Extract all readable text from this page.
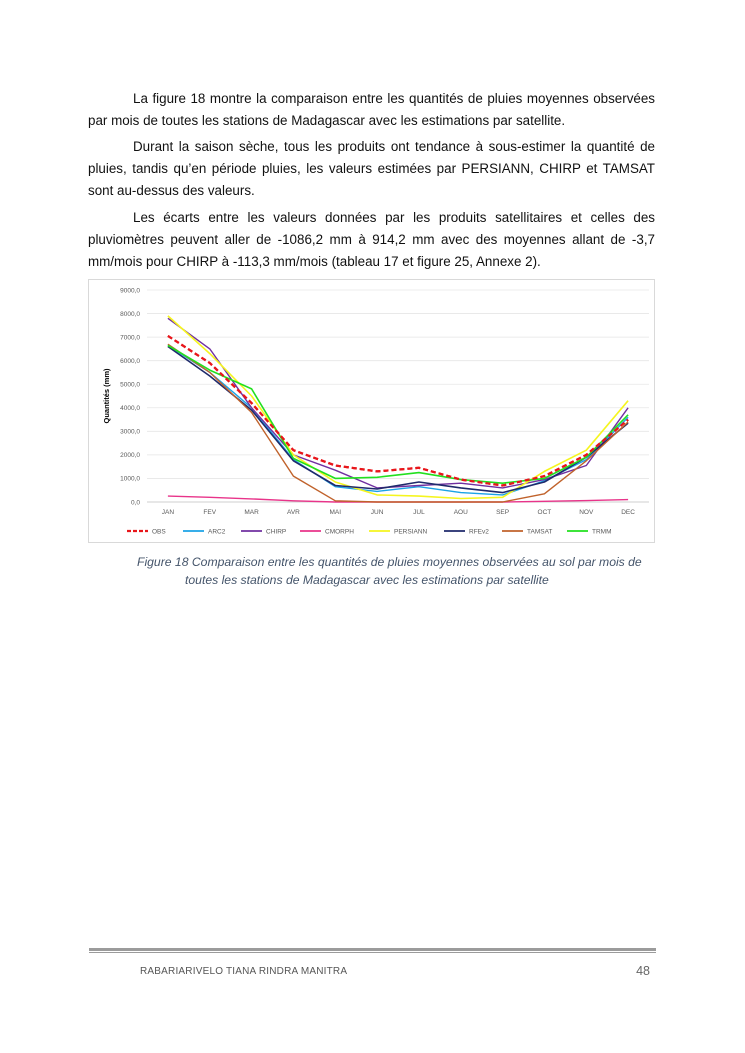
La figure 18 montre la comparaison entre les quantités de pluies moyennes observées par mois de toutes les stations de Madagascar avec les estimations par satellite.

Durant la saison sèche, tous les produits ont tendance à sous-estimer la quantité de pluies, tandis qu’en période pluies, les valeurs estimées par PERSIANN, CHIRP et TAMSAT sont au-dessus des valeurs.

Les écarts entre les valeurs données par les produits satellitaires et celles des pluviomètres peuvent aller de -1086,2 mm à 914,2 mm avec des moyennes allant de -3,7 mm/mois pour CHIRP à -113,3 mm/mois (tableau 17 et figure 25, Annexe 2).

0,0
1000,0
2000,0
3000,0
4000,0
5000,0
6000,0
7000,0
8000,0
9000,0
JAN	FEV	MAR	AVR	MAI	JUN	JUL	AOU	SEP	OCT	NOV	DEC
OBS	ARC2	CHIRP	CMORPH	PERSIANN	RFEv2	TAMSAT	TRMM
Quantités (mm)
Figure 18 Comparaison entre les quantités de pluies moyennes observées au sol par mois de
toutes les stations de Madagascar avec les estimations par satellite
RABARIARIVELO TIANA RINDRA MANITRA	48
